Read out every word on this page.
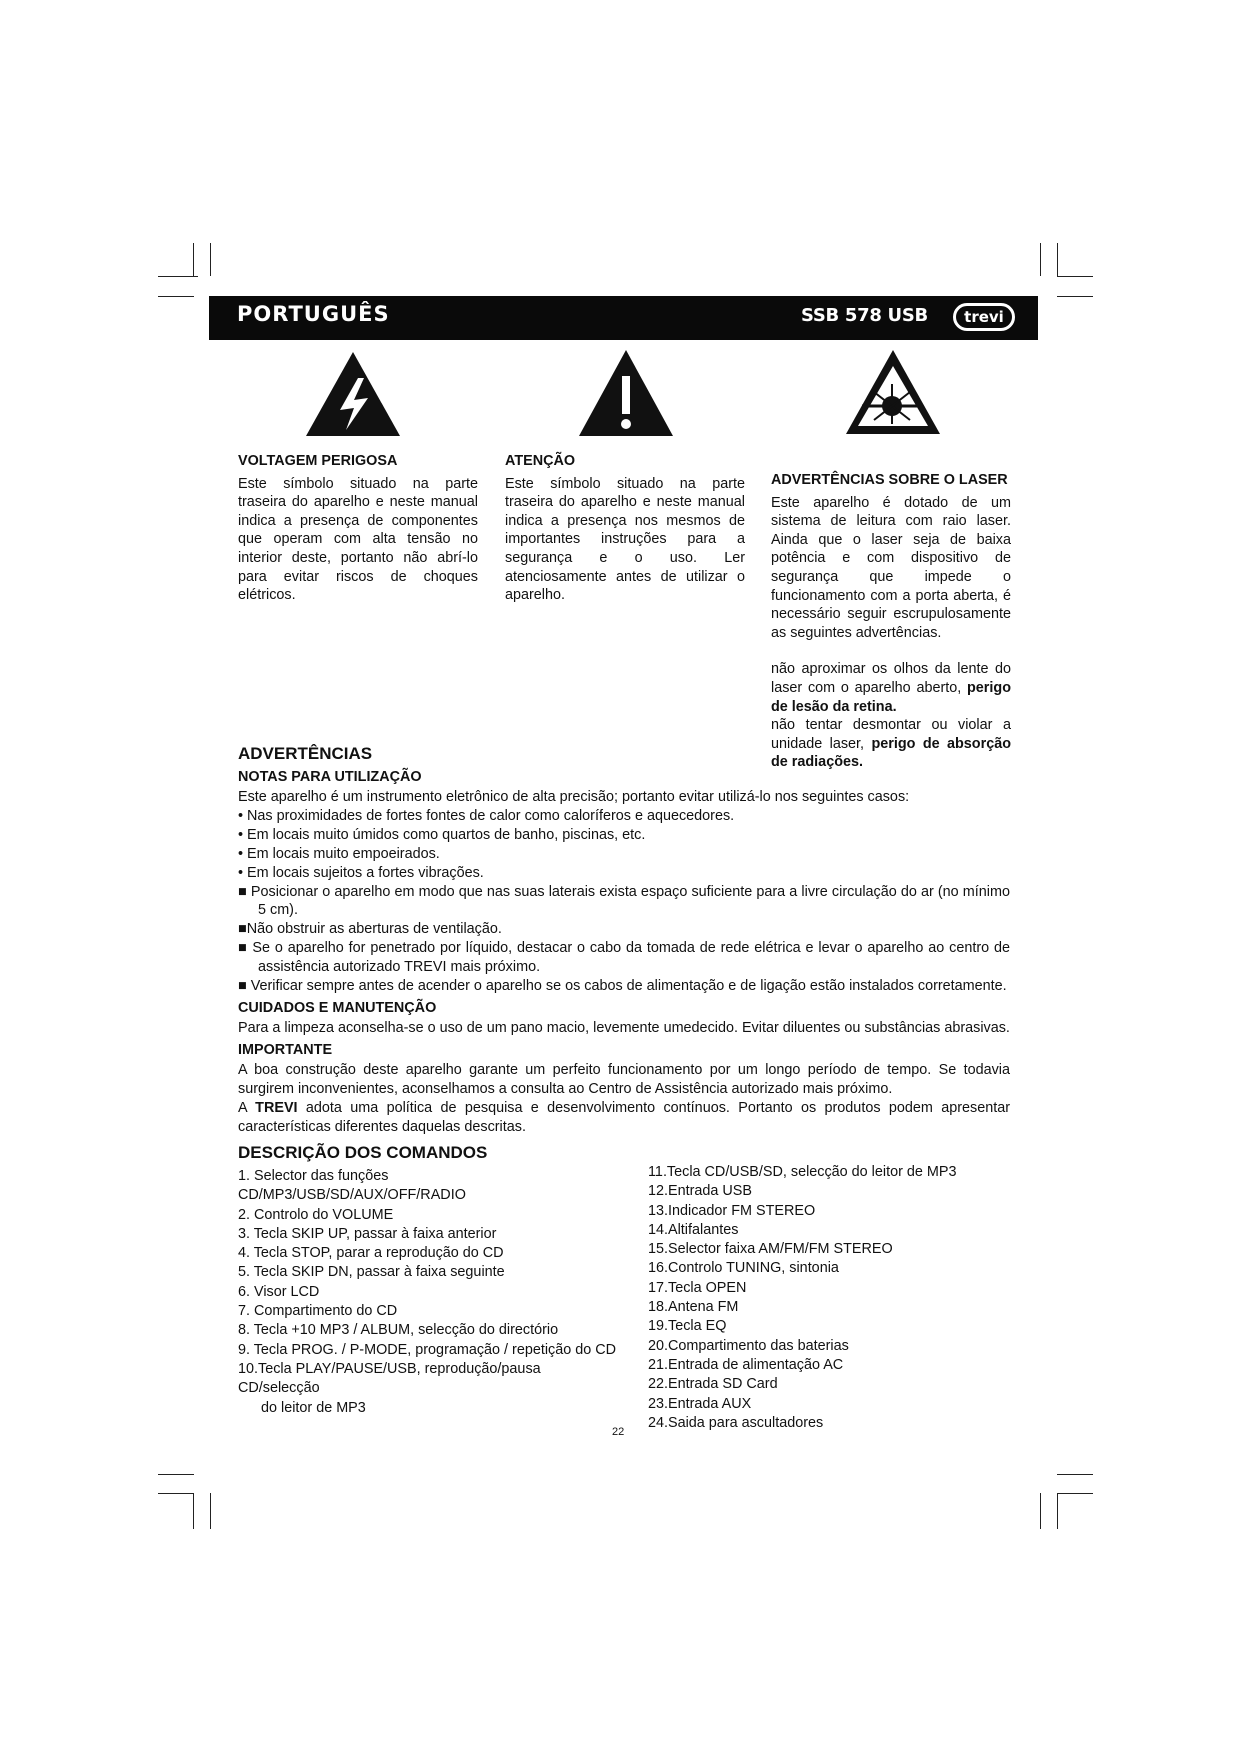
PORTUGUÊS	SSB 578 USB	trevi
VOLTAGEM PERIGOSA

Este símbolo situado na parte traseira do aparelho e neste manual indica a presença de componentes que operam com alta tensão no interior deste, portanto não abrí-lo para evitar riscos de choques elétricos.

ATENÇÃO

Este símbolo situado na parte traseira do aparelho e neste manual indica a presença nos mesmos de importantes instruções para a segurança e o uso. Ler atenciosamente antes de utilizar o aparelho.

ADVERTÊNCIAS SOBRE O LASER

Este aparelho é dotado de um sistema de leitura com raio laser. Ainda que o laser seja de baixa potência e com dispositivo de segurança que impede o funcionamento com a porta aberta, é necessário seguir escrupulosamente as seguintes advertências.

não aproximar os olhos da lente do laser com o aparelho aberto, perigo de lesão da retina.

não tentar desmontar ou violar a unidade laser, perigo de absorção de radiações.

ADVERTÊNCIAS
NOTAS PARA UTILIZAÇÃO

Este aparelho é um instrumento eletrônico de alta precisão; portanto evitar utilizá-lo nos seguintes casos:

• Nas proximidades de fortes fontes de calor como caloríferos e aquecedores.

• Em locais muito úmidos como quartos de banho, piscinas, etc.

• Em locais muito empoeirados.

• Em locais sujeitos a fortes vibrações.

■ Posicionar o aparelho em modo que nas suas laterais exista espaço suficiente para a livre circulação do ar (no mínimo 5 cm).

■Não obstruir as aberturas de ventilação.

■ Se o aparelho for penetrado por líquido, destacar o cabo da tomada de rede elétrica e levar o aparelho ao centro de assistência autorizado TREVI mais próximo.

■ Verificar sempre antes de acender o aparelho se os cabos de alimentação e de ligação estão instalados corretamente.

CUIDADOS E MANUTENÇÃO

Para a limpeza aconselha-se o uso de um pano macio, levemente umedecido. Evitar diluentes ou substâncias abrasivas.

IMPORTANTE

A boa construção deste aparelho garante um perfeito funcionamento por um longo período de tempo. Se todavia surgirem inconvenientes, aconselhamos a consulta ao Centro de Assistência autorizado mais próximo.

A TREVI adota uma política de pesquisa e desenvolvimento contínuos. Portanto os produtos podem apresentar características diferentes daquelas descritas.

DESCRIÇÃO DOS COMANDOS
1. Selector das funções CD/MP3/USB/SD/AUX/OFF/RADIO
2. Controlo do VOLUME
3. Tecla SKIP UP, passar à faixa anterior
4. Tecla STOP, parar a reprodução do CD
5. Tecla SKIP DN, passar à faixa seguinte
6. Visor LCD
7. Compartimento do CD
8. Tecla +10 MP3 / ALBUM, selecção do directório
9. Tecla PROG. / P-MODE, programação / repetição do CD
10.Tecla PLAY/PAUSE/USB, reprodução/pausa CD/selecção
do leitor de MP3
11.Tecla CD/USB/SD, selecção do leitor de MP3
12.Entrada USB
13.Indicador FM STEREO
14.Altifalantes
15.Selector faixa AM/FM/FM STEREO
16.Controlo TUNING, sintonia
17.Tecla OPEN
18.Antena FM
19.Tecla EQ
20.Compartimento das baterias
21.Entrada de alimentação AC
22.Entrada SD Card
23.Entrada AUX
24.Saida para ascultadores
22
